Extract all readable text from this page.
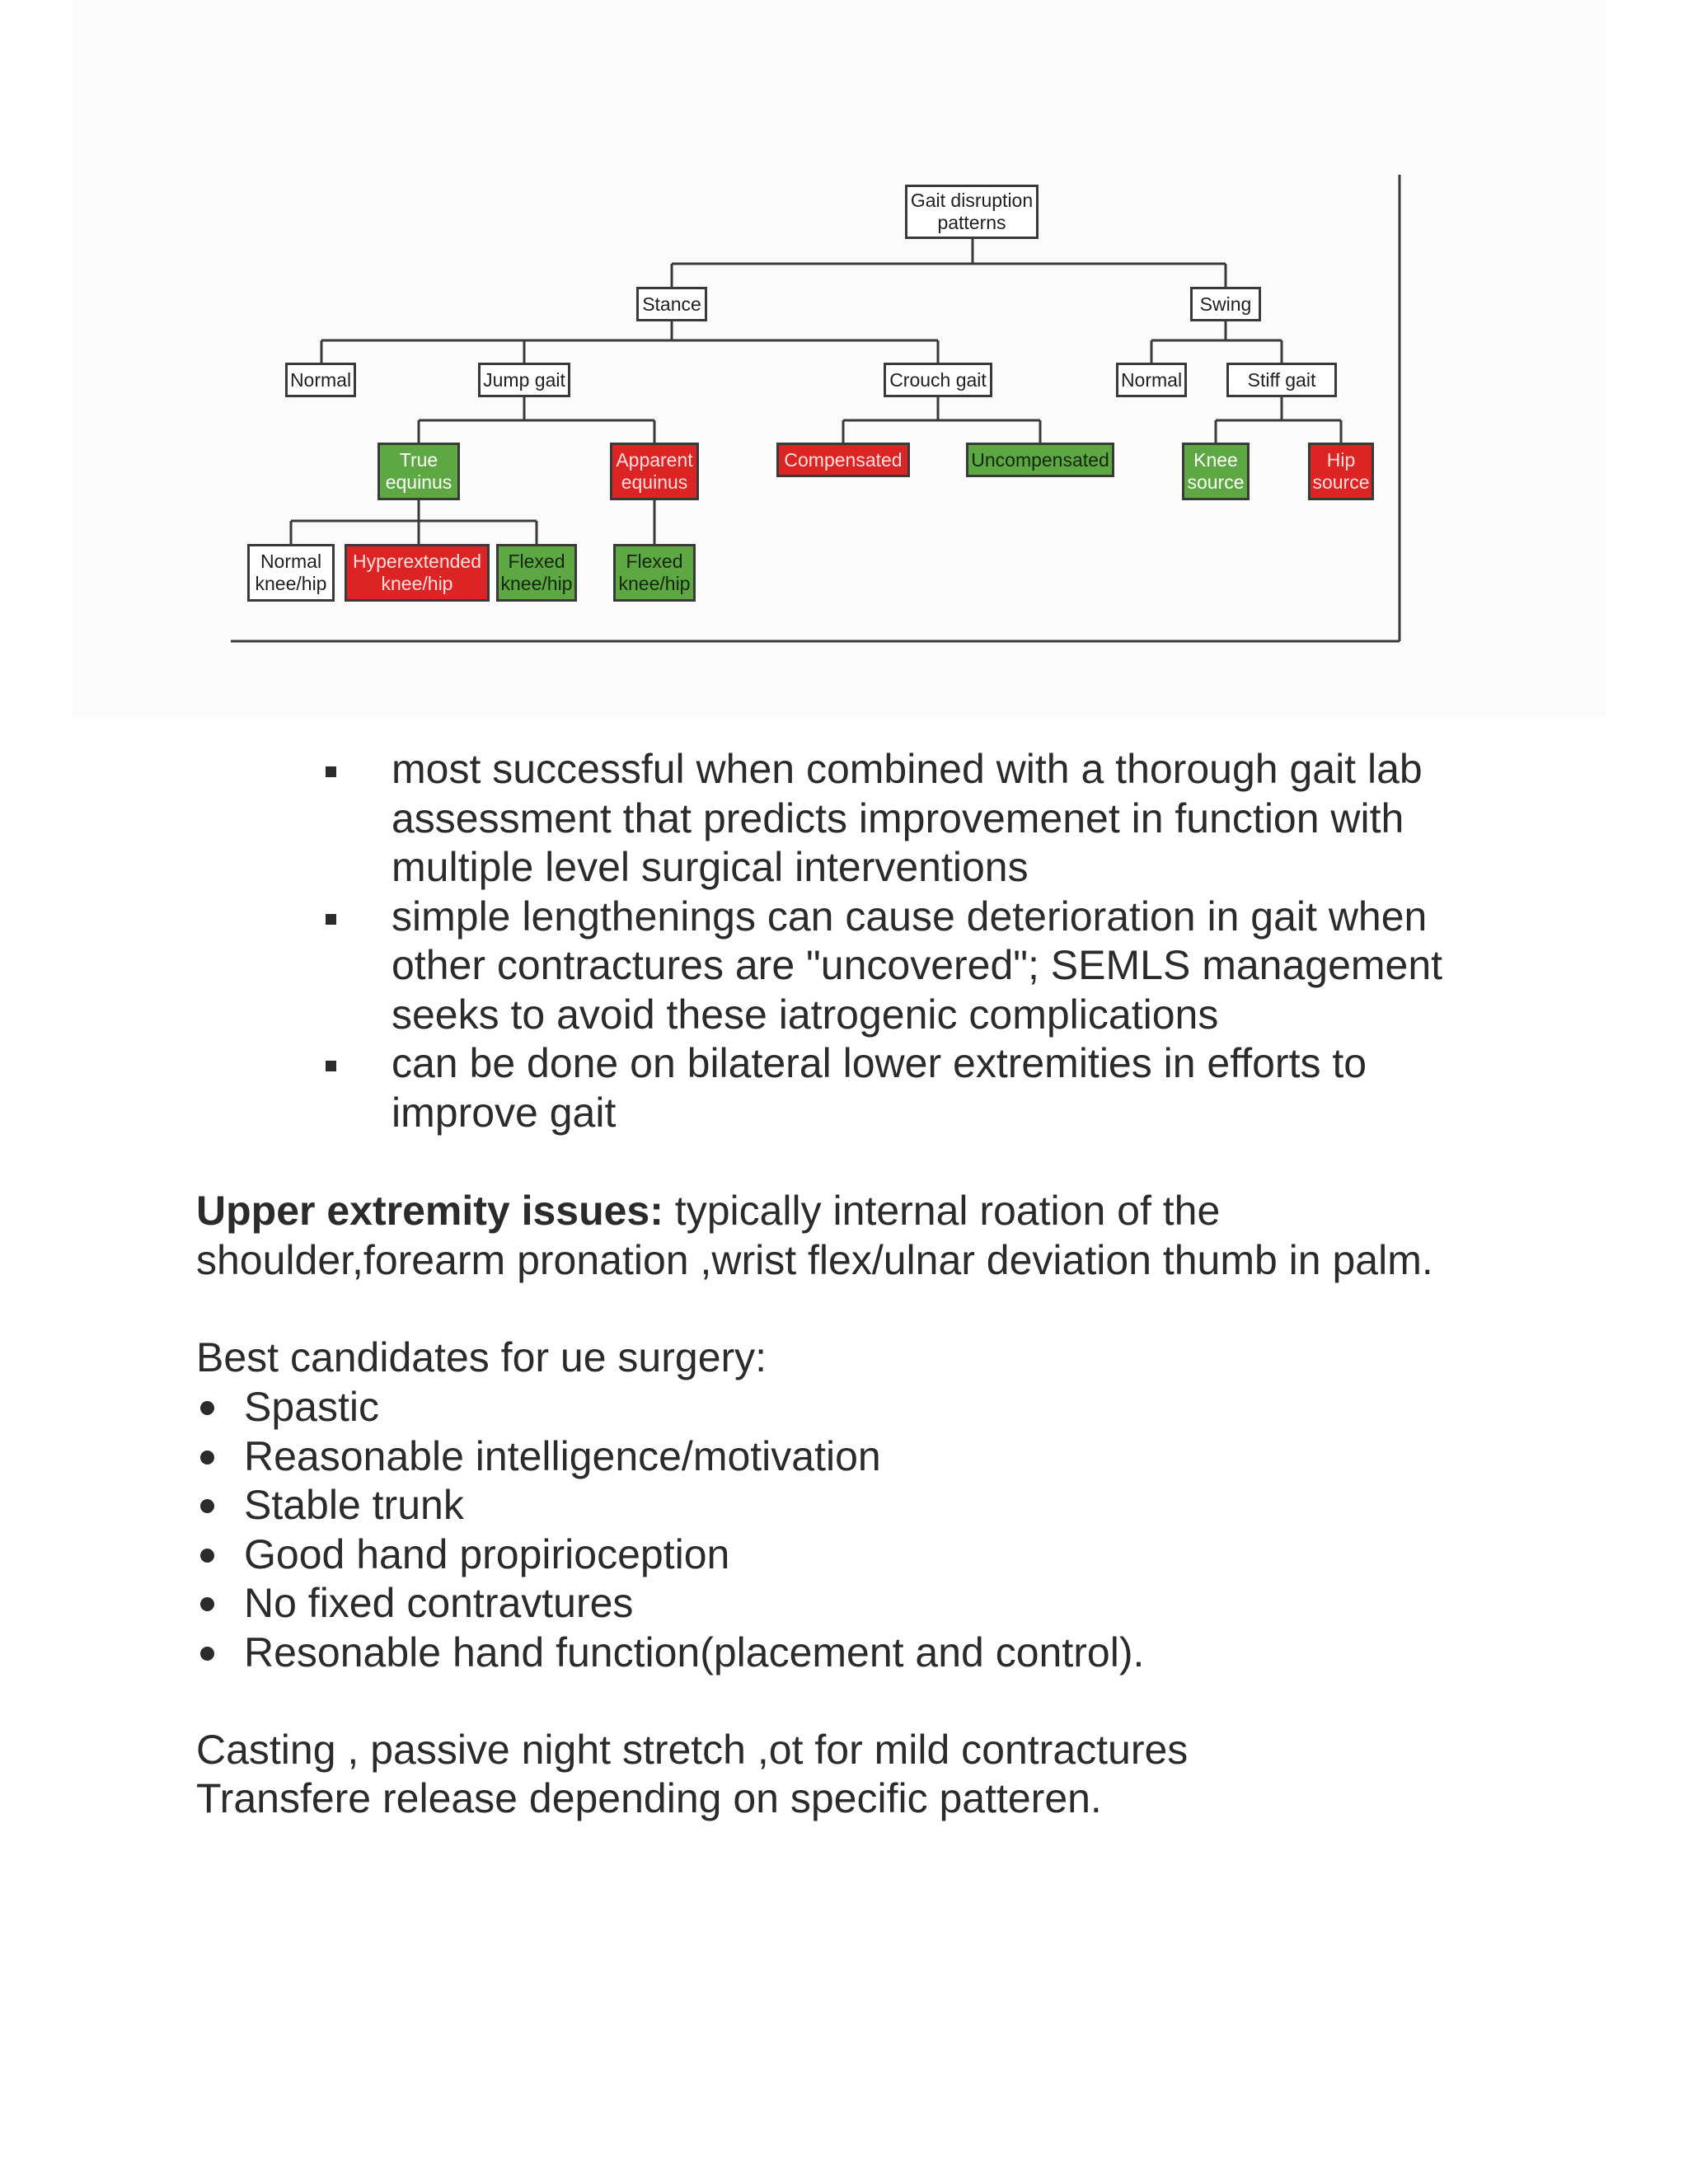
Gait disruption
patterns
Stance	Swing
Normal	Jump gait	Crouch gait	Normal	Stiff gait
True
equinus
Apparent
equinus
Compensated	Uncompensated	Knee
source
Hip
source
Normal
knee/hip
Hyperextended
knee/hip
Flexed
knee/hip
Flexed
knee/hip
most successful when combined with a thorough gait lab assessment that predicts improvemenet in function with multiple level surgical interventions
simple lengthenings can cause deterioration in gait when other contractures are "uncovered"; SEMLS management seeks to avoid these iatrogenic complications
can be done on bilateral lower extremities in efforts to improve gait
Upper extremity issues: typically internal roation of the shoulder,forearm pronation ,wrist flex/ulnar deviation thumb in palm.
Best candidates for ue surgery:
Spastic
Reasonable intelligence/motivation
Stable trunk
Good hand propirioception
No fixed contravtures
Resonable hand function(placement and control).
Casting , passive night stretch ,ot for mild contractures
Transfere release depending on specific patteren.
